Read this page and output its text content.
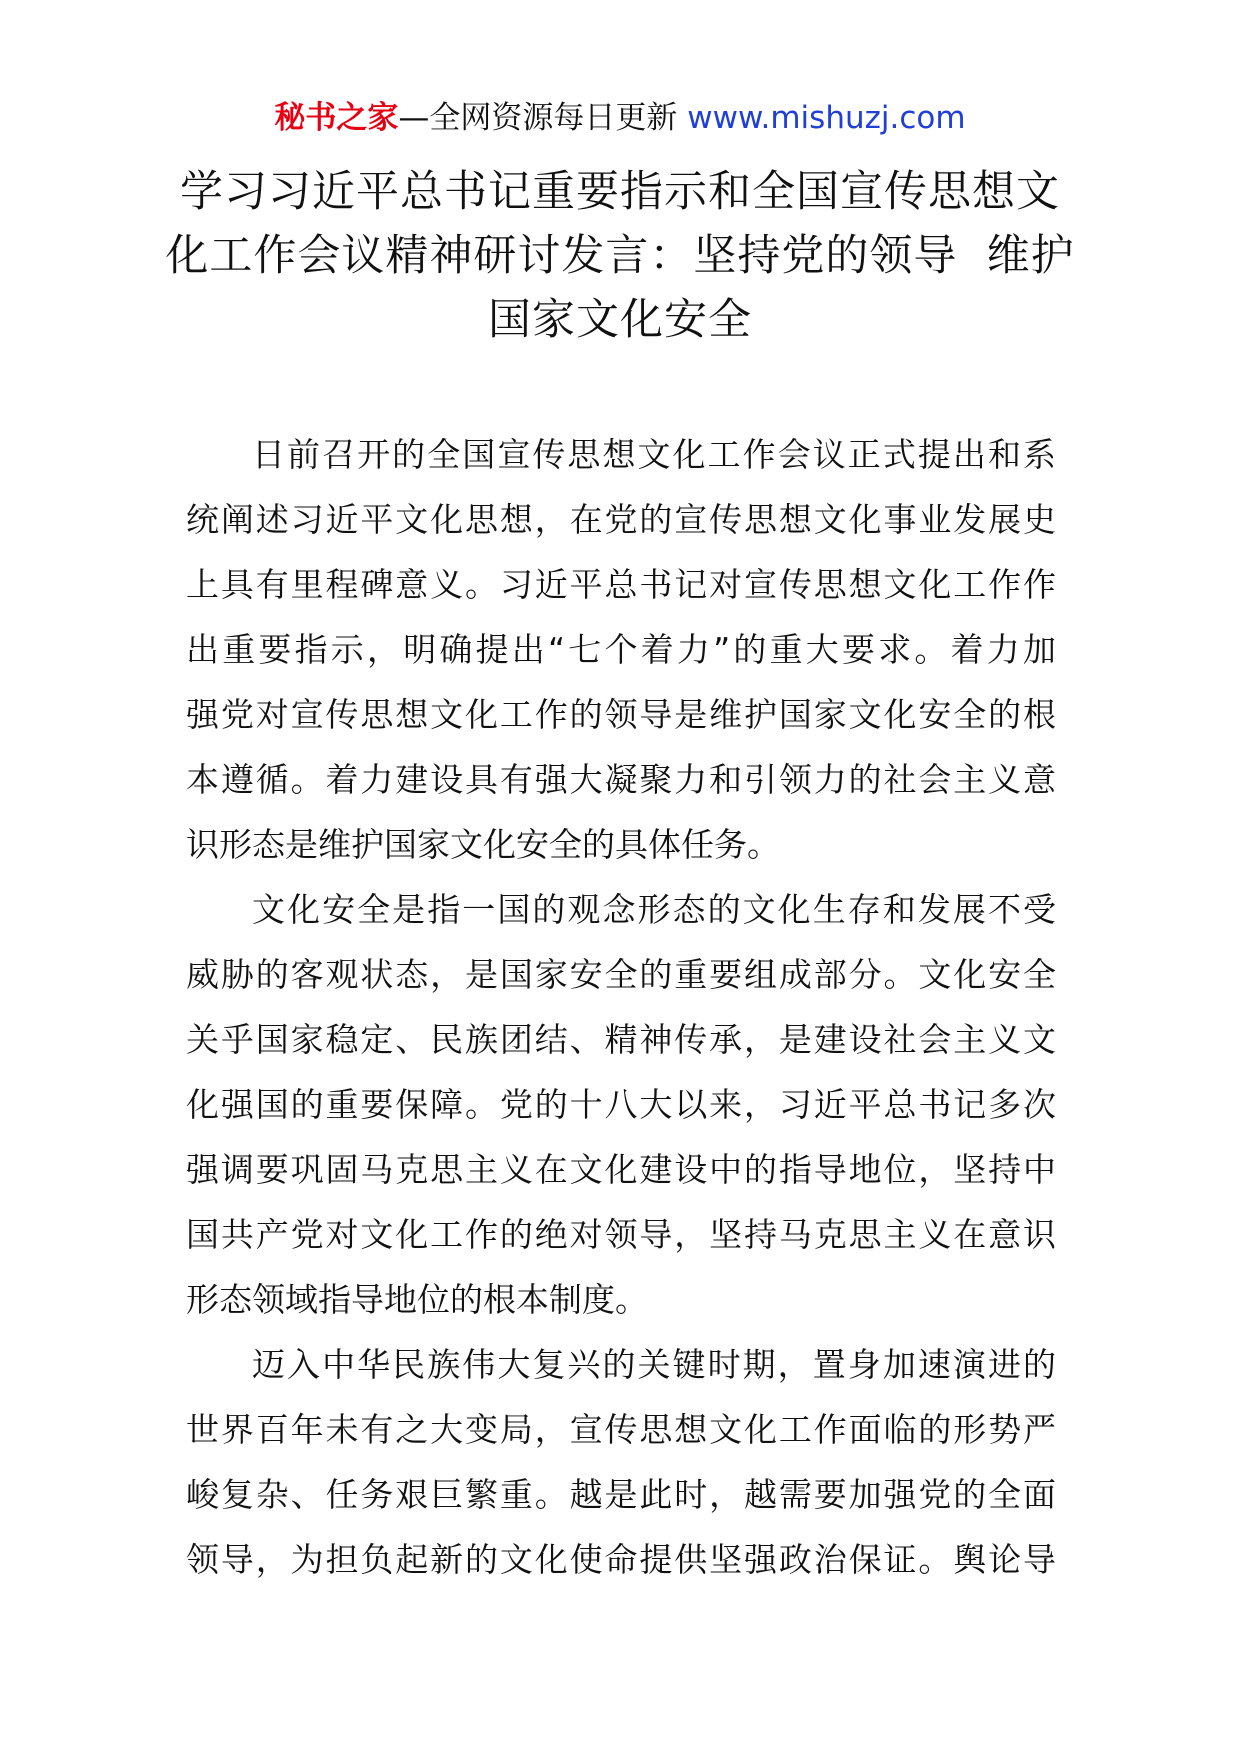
秘书之家—全网资源每日更新 www.mishuzj.com
学习习近平总书记重要指示和全国宣传思想文
化工作会议精神研讨发言：坚持党的领导  维护
国家文化安全
日前召开的全国宣传思想文化工作会议正式提出和系
统阐述习近平文化思想，在党的宣传思想文化事业发展史
上具有里程碑意义。习近平总书记对宣传思想文化工作作
出重要指示，明确提出“七个着力”的重大要求。着力加
强党对宣传思想文化工作的领导是维护国家文化安全的根
本遵循。着力建设具有强大凝聚力和引领力的社会主义意
识形态是维护国家文化安全的具体任务。
文化安全是指一国的观念形态的文化生存和发展不受
威胁的客观状态，是国家安全的重要组成部分。文化安全
关乎国家稳定、民族团结、精神传承，是建设社会主义文
化强国的重要保障。党的十八大以来，习近平总书记多次
强调要巩固马克思主义在文化建设中的指导地位，坚持中
国共产党对文化工作的绝对领导，坚持马克思主义在意识
形态领域指导地位的根本制度。
迈入中华民族伟大复兴的关键时期，置身加速演进的
世界百年未有之大变局，宣传思想文化工作面临的形势严
峻复杂、任务艰巨繁重。越是此时，越需要加强党的全面
领导，为担负起新的文化使命提供坚强政治保证。舆论导
